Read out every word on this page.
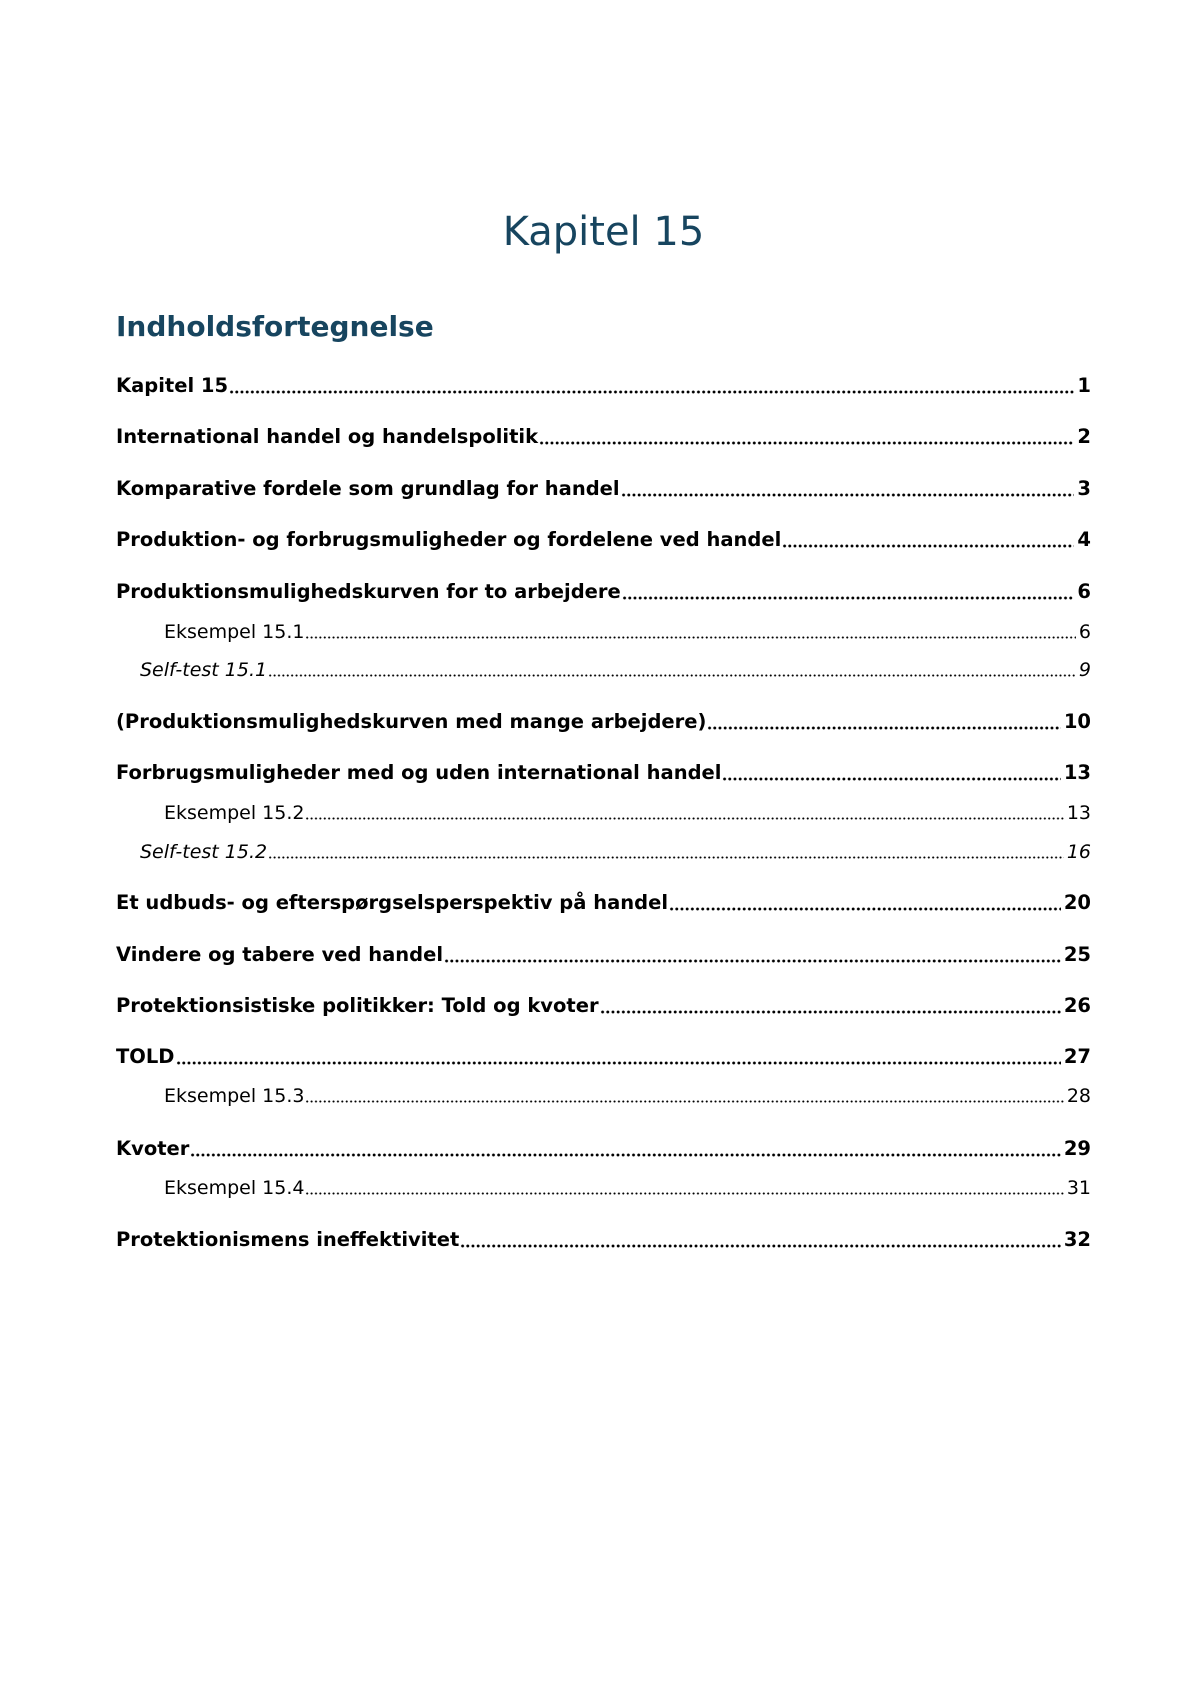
Kapitel 15
Indholdsfortegnelse
Kapitel 15	1
International handel og handelspolitik	2
Komparative fordele som grundlag for handel	3
Produktion- og forbrugsmuligheder og fordelene ved handel	4
Produktionsmulighedskurven for to arbejdere	6
Eksempel 15.1	6
Self-test 15.1	9
(Produktionsmulighedskurven med mange arbejdere)	10
Forbrugsmuligheder med og uden international handel	13
Eksempel 15.2	13
Self-test 15.2	16
Et udbuds- og efterspørgselsperspektiv på handel	20
Vindere og tabere ved handel	25
Protektionsistiske politikker: Told og kvoter	26
TOLD	27
Eksempel 15.3	28
Kvoter	29
Eksempel 15.4	31
Protektionismens ineffektivitet	32
